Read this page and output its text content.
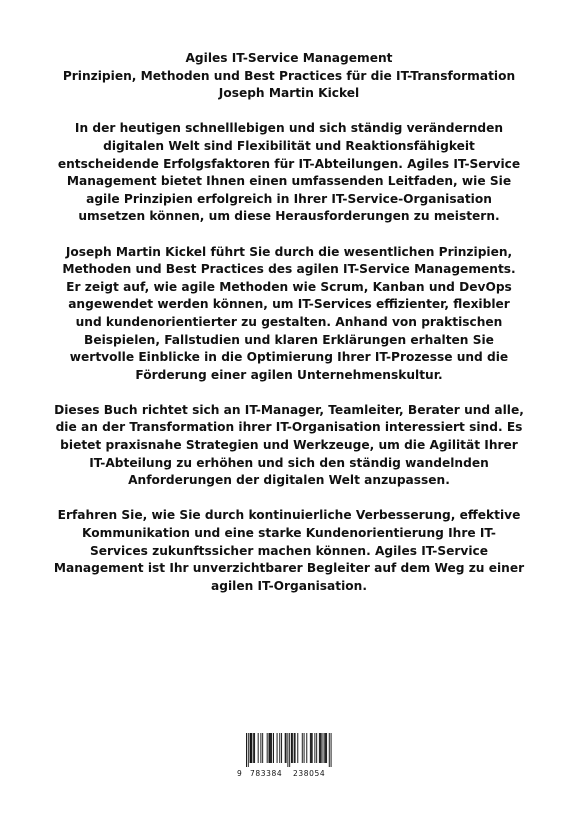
Agiles IT-Service Management
Prinzipien, Methoden und Best Practices für die IT-Transformation
Joseph Martin Kickel
In der heutigen schnelllebigen und sich ständig verändernden
digitalen Welt sind Flexibilität und Reaktionsfähigkeit
entscheidende Erfolgsfaktoren für IT-Abteilungen. Agiles IT-Service
Management bietet Ihnen einen umfassenden Leitfaden, wie Sie
agile Prinzipien erfolgreich in Ihrer IT-Service-Organisation
umsetzen können, um diese Herausforderungen zu meistern.
Joseph Martin Kickel führt Sie durch die wesentlichen Prinzipien,
Methoden und Best Practices des agilen IT-Service Managements.
Er zeigt auf, wie agile Methoden wie Scrum, Kanban und DevOps
angewendet werden können, um IT-Services effizienter, flexibler
und kundenorientierter zu gestalten. Anhand von praktischen
Beispielen, Fallstudien und klaren Erklärungen erhalten Sie
wertvolle Einblicke in die Optimierung Ihrer IT-Prozesse und die
Förderung einer agilen Unternehmenskultur.
Dieses Buch richtet sich an IT-Manager, Teamleiter, Berater und alle,
die an der Transformation ihrer IT-Organisation interessiert sind. Es
bietet praxisnahe Strategien und Werkzeuge, um die Agilität Ihrer
IT-Abteilung zu erhöhen und sich den ständig wandelnden
Anforderungen der digitalen Welt anzupassen.
Erfahren Sie, wie Sie durch kontinuierliche Verbesserung, effektive
Kommunikation und eine starke Kundenorientierung Ihre IT-
Services zukunftssicher machen können. Agiles IT-Service
Management ist Ihr unverzichtbarer Begleiter auf dem Weg zu einer
agilen IT-Organisation.
9 783384 238054
